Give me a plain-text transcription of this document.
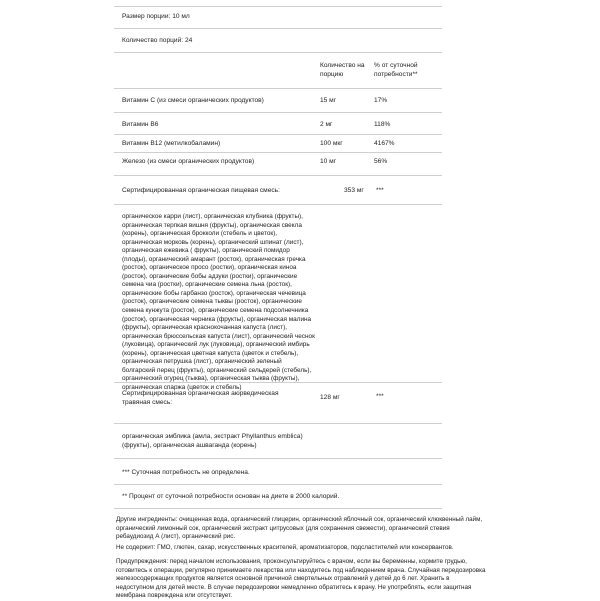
Размер порции: 10 мл
Количество порций: 24
Количество на порцию
% от суточной потребности**
Витамин C (из смеси органических продуктов)	15 мг	17%
Витамин B6	2 мг	118%
Витамин B12 (метилкобаламин)	100 мкг	4167%
Железо (из смеси органических продуктов)	10 мг	56%
Сертифицированная органическая пищевая смесь:	353 мг ***
органическое карри (лист), органическая клубника (фрукты), органическая терпкая вишня (фрукты), органическая свекла (корень), органическая брокколи (стебель и цветок), органическая морковь (корень), органический шпинат (лист), органическая ежевика ( фрукты), органический помидор (плоды), органический амарант (росток), органическая гречка (росток), органическое просо (ростки), органическая киноа (росток), органические бобы адзуки (ростки), органические семена чиа (ростки), органические семена льна (росток), органические бобы гарбанзо (росток), органическая чечевица (росток), органические семена тыквы (росток), органические семена кунжута (росток), органические семена подсолнечника (росток), органическая черника (фрукты), органическая малина (фрукты), органическая краснокочанная капуста (лист), органическая брюссельская капуста (лист), органический чеснок (луковица), органический лук (луковица), органический имбирь (корень), органическая цветная капуста (цветок и стебель), органическая петрушка (лист), органический зеленый болгарский перец (фрукты), органический сельдерей (стебель), органический огурец (тыква), органическая тыква (фрукты), органическая спаржа (цветок и стебель)
Сертифицированная органическая аюрведическая травяная смесь:
128 мг	***
органическая эмблика (амла, экстракт Phyllanthus emblica) (фрукты), органическая ашваганда (корень)
*** Суточная потребность не определена.
** Процент от суточной потребности основан на диете в 2000 калорий.

Другие ингредиенты: очищенная вода, органический глицерин, органический яблочный сок, органический клюквенный лайм, органический лимонный сок, органический экстракт цитрусовых (для сохранения свежести), органический стевия ребаудиозид А (лист), органический рис.

Не содержит: ГМО, глютен, сахар, искусственных красителей, ароматизаторов, подсластителей или консервантов.

Предупреждения: перед началом использования, проконсультируйтесь с врачом, если вы беременны, кормите грудью, готовитесь к операции, регулярно принимаете лекарства или находитесь под наблюдением врача. Случайная передозировка железосодержащих продуктов является основной причиной смертельных отравлений у детей до 6 лет. Хранить в недоступном для детей месте. В случае передозировки немедленно обратитесь к врачу. Не употреблять, если защитная мембрана повреждена или отсутствует.
